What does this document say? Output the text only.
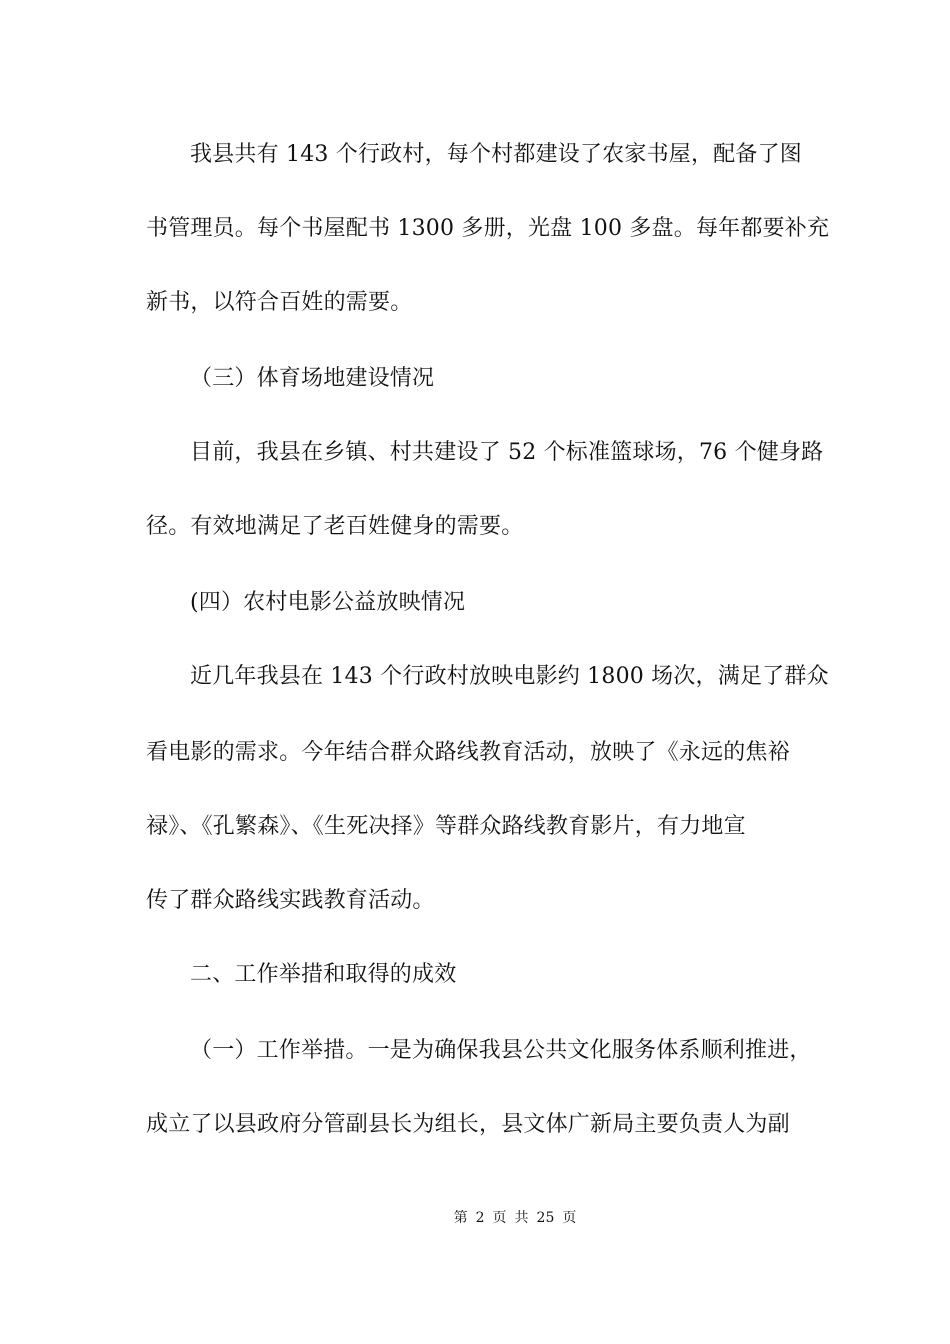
我县共有 143 个行政村，每个村都建设了农家书屋，配备了图
书管理员。每个书屋配书 1300 多册，光盘 100 多盘。每年都要补充
新书，以符合百姓的需要。
（三）体育场地建设情况
目前，我县在乡镇、村共建设了 52 个标准篮球场，76 个健身路
径。有效地满足了老百姓健身的需要。
(四）农村电影公益放映情况
近几年我县在 143 个行政村放映电影约 1800 场次，满足了群众
看电影的需求。今年结合群众路线教育活动，放映了《永远的焦裕
禄》、《孔繁森》、《生死决择》等群众路线教育影片，有力地宣
传了群众路线实践教育活动。
二、工作举措和取得的成效
（一）工作举措。一是为确保我县公共文化服务体系顺利推进，
成立了以县政府分管副县长为组长，县文体广新局主要负责人为副
第 2 页 共 25 页
